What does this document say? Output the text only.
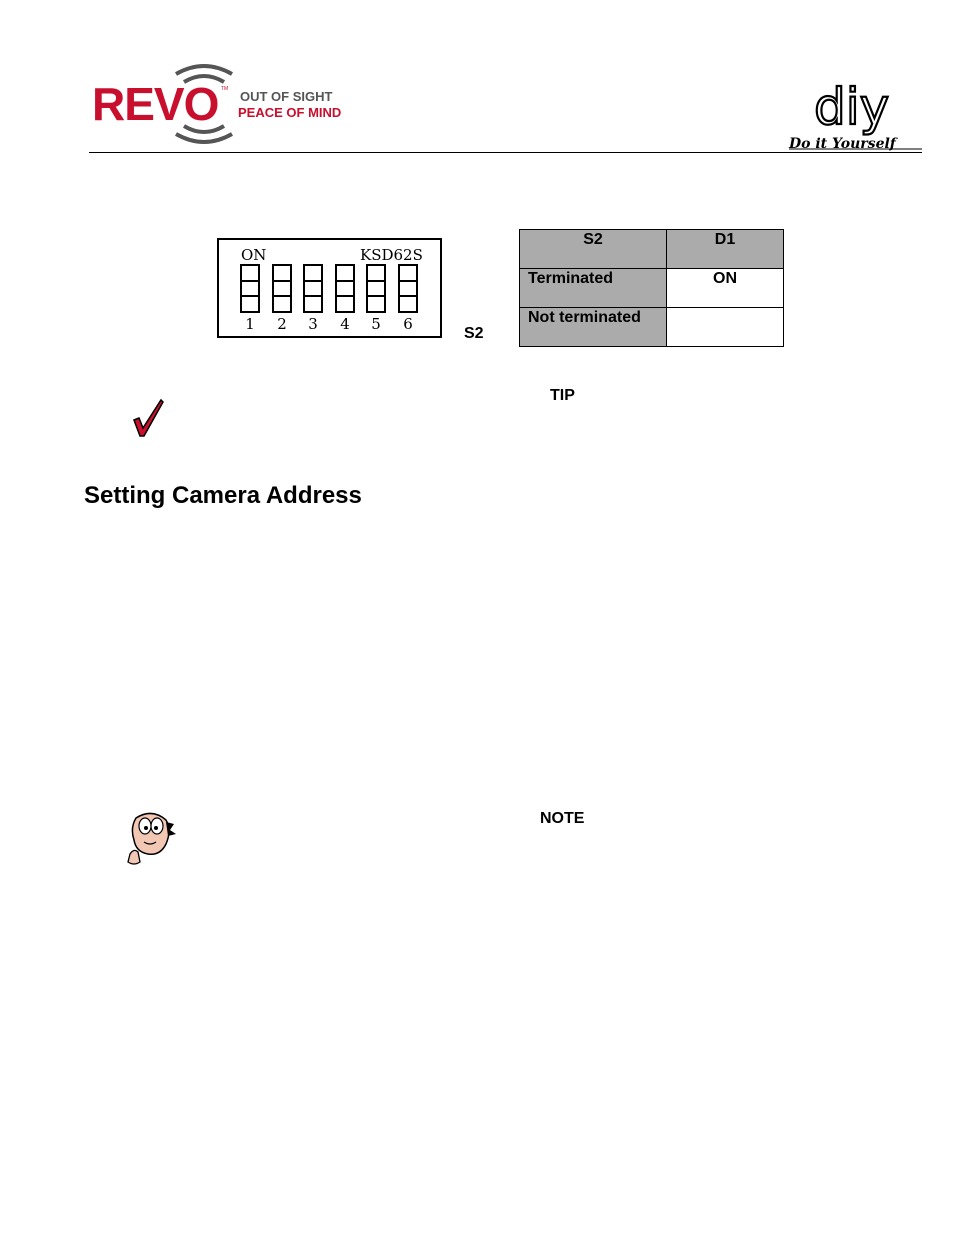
REVO TM OUT OF SIGHT
PEACE OF MIND	diy
Do it Yourself
ON	KSD62S
1 2 3 4 5 6
S2
S2	D1
Terminated	ON
Not terminated	
TIP
Setting Camera Address
NOTE
